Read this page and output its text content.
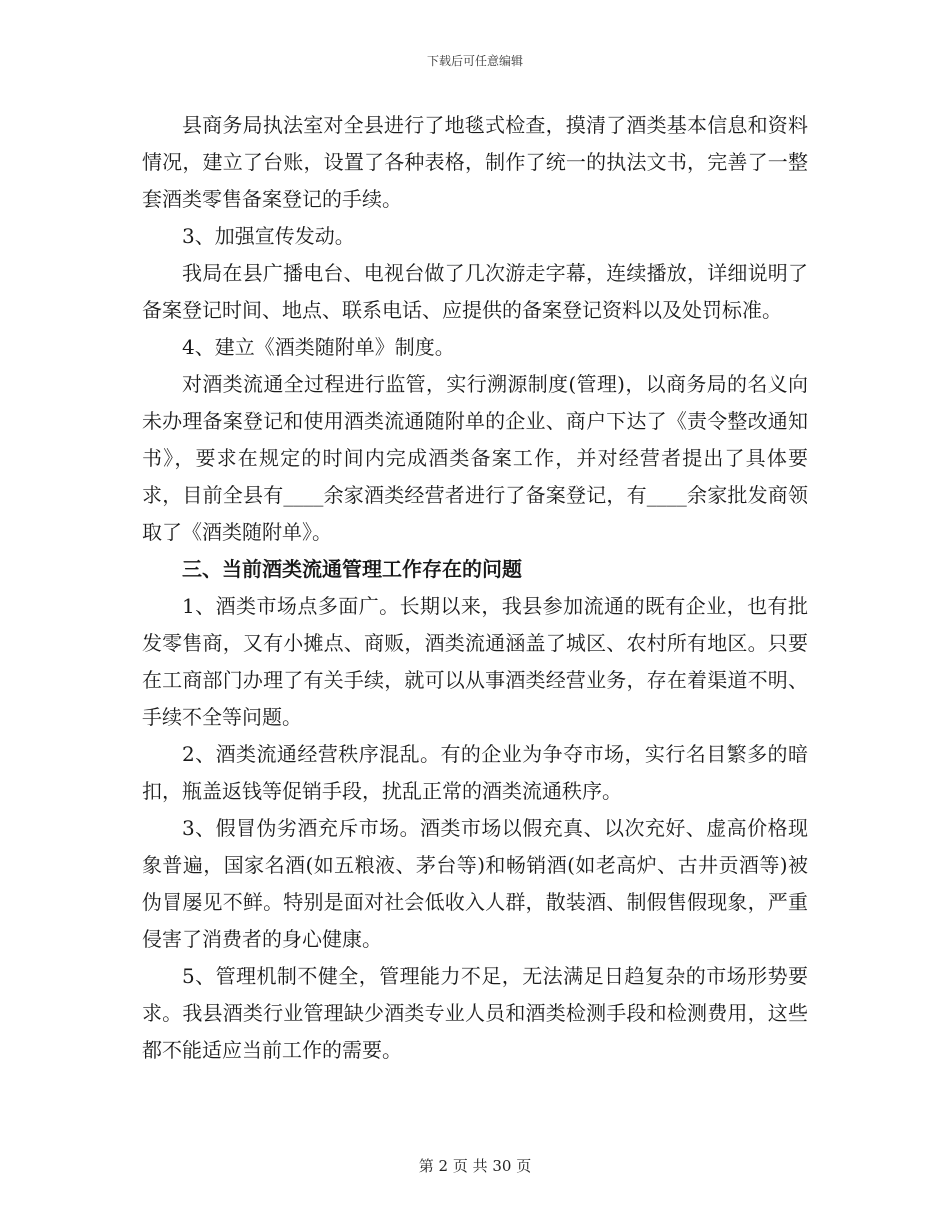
下载后可任意编辑

县商务局执法室对全县进行了地毯式检查，摸清了酒类基本信息和资料情况，建立了台账，设置了各种表格，制作了统一的执法文书，完善了一整套酒类零售备案登记的手续。

3、加强宣传发动。

我局在县广播电台、电视台做了几次游走字幕，连续播放，详细说明了备案登记时间、地点、联系电话、应提供的备案登记资料以及处罚标准。

4、建立《酒类随附单》制度。

对酒类流通全过程进行监管，实行溯源制度(管理)，以商务局的名义向未办理备案登记和使用酒类流通随附单的企业、商户下达了《责令整改通知书》，要求在规定的时间内完成酒类备案工作，并对经营者提出了具体要求，目前全县有____余家酒类经营者进行了备案登记，有____余家批发商领取了《酒类随附单》。

三、当前酒类流通管理工作存在的问题

1、酒类市场点多面广。长期以来，我县参加流通的既有企业，也有批发零售商，又有小摊点、商贩，酒类流通涵盖了城区、农村所有地区。只要在工商部门办理了有关手续，就可以从事酒类经营业务，存在着渠道不明、手续不全等问题。

2、酒类流通经营秩序混乱。有的企业为争夺市场，实行名目繁多的暗扣，瓶盖返钱等促销手段，扰乱正常的酒类流通秩序。

3、假冒伪劣酒充斥市场。酒类市场以假充真、以次充好、虚高价格现象普遍，国家名酒(如五粮液、茅台等)和畅销酒(如老高炉、古井贡酒等)被伪冒屡见不鲜。特别是面对社会低收入人群，散装酒、制假售假现象，严重侵害了消费者的身心健康。

5、管理机制不健全，管理能力不足，无法满足日趋复杂的市场形势要求。我县酒类行业管理缺少酒类专业人员和酒类检测手段和检测费用，这些都不能适应当前工作的需要。

第 2 页 共 30 页
